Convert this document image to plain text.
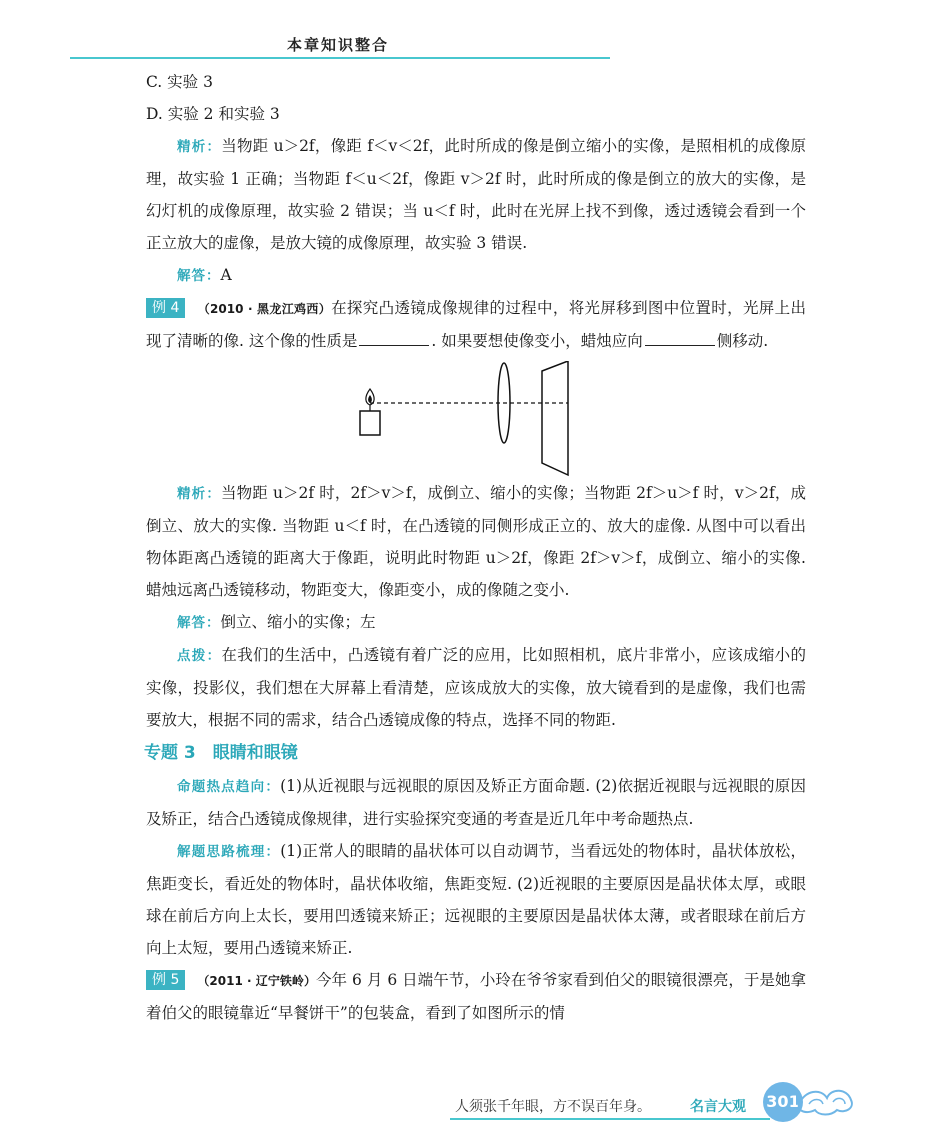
本章知识整合

C. 实验 3

D. 实验 2 和实验 3

精析：当物距 u＞2f，像距 f＜v＜2f，此时所成的像是倒立缩小的实像，是照相机的成像原理，故实验 1 正确；当物距 f＜u＜2f，像距 v＞2f 时，此时所成的像是倒立的放大的实像，是幻灯机的成像原理，故实验 2 错误；当 u＜f 时，此时在光屏上找不到像，透过透镜会看到一个正立放大的虚像，是放大镜的成像原理，故实验 3 错误.

解答：A

例 4 （2010 · 黑龙江鸡西）在探究凸透镜成像规律的过程中，将光屏移到图中位置时，光屏上出现了清晰的像. 这个像的性质是	. 如果要想使像变小，蜡烛应向	侧移动.

精析：当物距 u＞2f 时，2f＞v＞f，成倒立、缩小的实像；当物距 2f＞u＞f 时，v＞2f，成倒立、放大的实像. 当物距 u＜f 时，在凸透镜的同侧形成正立的、放大的虚像. 从图中可以看出物体距离凸透镜的距离大于像距，说明此时物距 u＞2f，像距 2f＞v＞f，成倒立、缩小的实像. 蜡烛远离凸透镜移动，物距变大，像距变小，成的像随之变小.

解答：倒立、缩小的实像；左

点拨：在我们的生活中，凸透镜有着广泛的应用，比如照相机，底片非常小，应该成缩小的实像，投影仪，我们想在大屏幕上看清楚，应该成放大的实像，放大镜看到的是虚像，我们也需要放大，根据不同的需求，结合凸透镜成像的特点，选择不同的物距.

专题 3　眼睛和眼镜

命题热点趋向：(1)从近视眼与远视眼的原因及矫正方面命题. (2)依据近视眼与远视眼的原因及矫正，结合凸透镜成像规律，进行实验探究变通的考查是近几年中考命题热点.

解题思路梳理：(1)正常人的眼睛的晶状体可以自动调节，当看远处的物体时，晶状体放松，焦距变长，看近处的物体时，晶状体收缩，焦距变短. (2)近视眼的主要原因是晶状体太厚，或眼球在前后方向上太长，要用凹透镜来矫正；远视眼的主要原因是晶状体太薄，或者眼球在前后方向上太短，要用凸透镜来矫正.

例 5 （2011 · 辽宁铁岭）今年 6 月 6 日端午节，小玲在爷爷家看到伯父的眼镜很漂亮，于是她拿着伯父的眼镜靠近“早餐饼干”的包装盒，看到了如图所示的情

人须张千年眼，方不误百年身。	名言大观 301
